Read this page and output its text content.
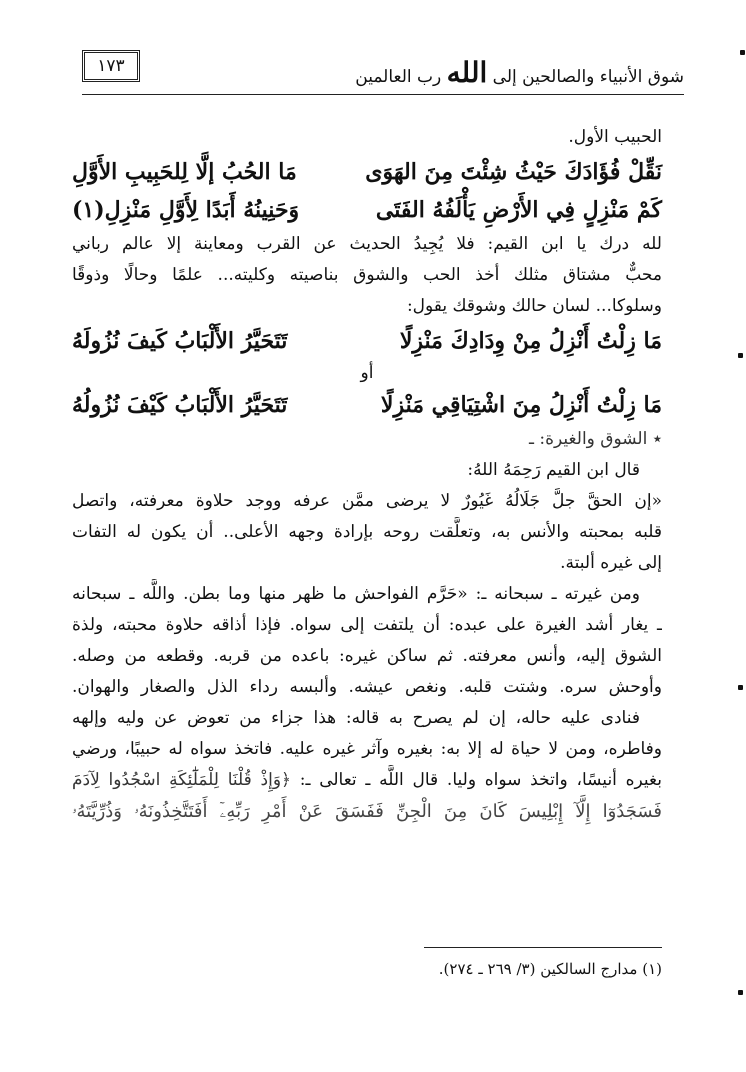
شوق الأنبياء والصالحين إلى الله رب العالمين
١٧٣
الحبيب الأول.
نَقِّلْ فُؤَادَكَ حَيْثُ شِئْتَ مِنَ الهَوَى
مَا الحُبُ إلَّا لِلحَبِيبِ الأَوَّلِ
كَمْ مَنْزِلٍ فِي الأَرْضِ يَأْلَفُهُ الفَتَى
وَحَنِينُهُ أَبَدًا لِأَوَّلِ مَنْزِلِ(١)
لله درك يا ابن القيم: فلا يُجِيدُ الحديث عن القرب ومعاينة إلا عالم رباني
محبٌّ مشتاق مثلك أخذ الحب والشوق بناصيته وكليته... علمًا وحالًا وذوقًا
وسلوكا... لسان حالك وشوقك يقول:
مَا زِلْتُ أَنْزِلُ مِنْ وِدَادِكَ مَنْزِلًا
تَتَحَيَّرُ الأَلْبَابُ كَيفَ نُزُولَهُ
أو
مَا زِلْتُ أَنْزِلُ مِنَ اشْتِيَاقِي مَنْزِلًا
تَتَحَيَّرُ الأَلْبَابُ كَيْفَ نُزُولُهُ
٭ الشوق والغيرة: ـ
قال ابن القيم رَحِمَهُ اللهُ:
«إن الحقَّ جلَّ جَلَالُهُ غَيُورٌ لا يرضى ممَّن عرفه ووجد حلاوة معرفته، واتصل
قلبه بمحبته والأنس به، وتعلَّقت روحه بإرادة وجهه الأعلى.. أن يكون له التفات
إلى غيره ألبتة.
ومن غيرته ـ سبحانه ـ: «حَرَّم الفواحش ما ظهر منها وما بطن. واللَّه ـ سبحانه
ـ يغار أشد الغيرة على عبده: أن يلتفت إلى سواه. فإذا أذاقه حلاوة محبته، ولذة
الشوق إليه، وأنس معرفته. ثم ساكن غيره: باعده من قربه. وقطعه من وصله.
وأوحش سره. وشتت قلبه. ونغص عيشه. وألبسه رداء الذل والصغار والهوان.
فنادى عليه حاله، إن لم يصرح به قاله: هذا جزاء من تعوض عن وليه وإلهه
وفاطره، ومن لا حياة له إلا به: بغيره وآثر غيره عليه. فاتخذ سواه له حبيبًا، ورضي
بغيره أنيسًا، واتخذ سواه وليا. قال اللَّه ـ تعالى ـ: ﴿وَإِذْ قُلْنَا لِلْمَلَٰٓئِكَةِ اسْجُدُوا لِآدَمَ
فَسَجَدُوٓا إِلَّآ إِبْلِيسَ كَانَ مِنَ الْجِنِّ فَفَسَقَ عَنْ أَمْرِ رَبِّهِۦٓ أَفَتَتَّخِذُونَهُۥ وَذُرِّيَّتَهُۥ
(١) مدارج السالكين (٣/ ٢٦٩ ـ ٢٧٤).
